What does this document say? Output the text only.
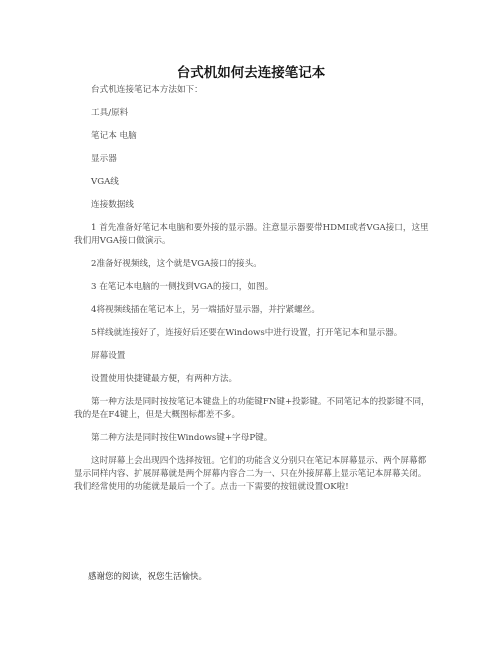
台式机如何去连接笔记本

台式机连接笔记本方法如下：

工具/原料

笔记本 电脑

显示器

VGA线

连接数据线

1 首先准备好笔记本电脑和要外接的显示器。注意显示器要带HDMI或者VGA接口，这里我们用VGA接口做演示。

2准备好视频线，这个就是VGA接口的接头。

3 在笔记本电脑的一侧找到VGA的接口，如图。

4将视频线插在笔记本上，另一端插好显示器，并拧紧螺丝。

5样线就连接好了，连接好后还要在Windows中进行设置，打开笔记本和显示器。

屏幕设置

设置使用快捷键最方便，有两种方法。

第一种方法是同时按按笔记本键盘上的功能键FN键+投影键。不同笔记本的投影键不同，我的是在F4键上，但是大概图标都差不多。

第二种方法是同时按住Windows键+字母P键。

这时屏幕上会出现四个选择按钮。它们的功能含义分别只在笔记本屏幕显示、两个屏幕都显示同样内容、扩展屏幕就是两个屏幕内容合二为一、只在外接屏幕上显示笔记本屏幕关闭。我们经常使用的功能就是最后一个了。点击一下需要的按钮就设置OK啦!

感谢您的阅读，祝您生活愉快。
